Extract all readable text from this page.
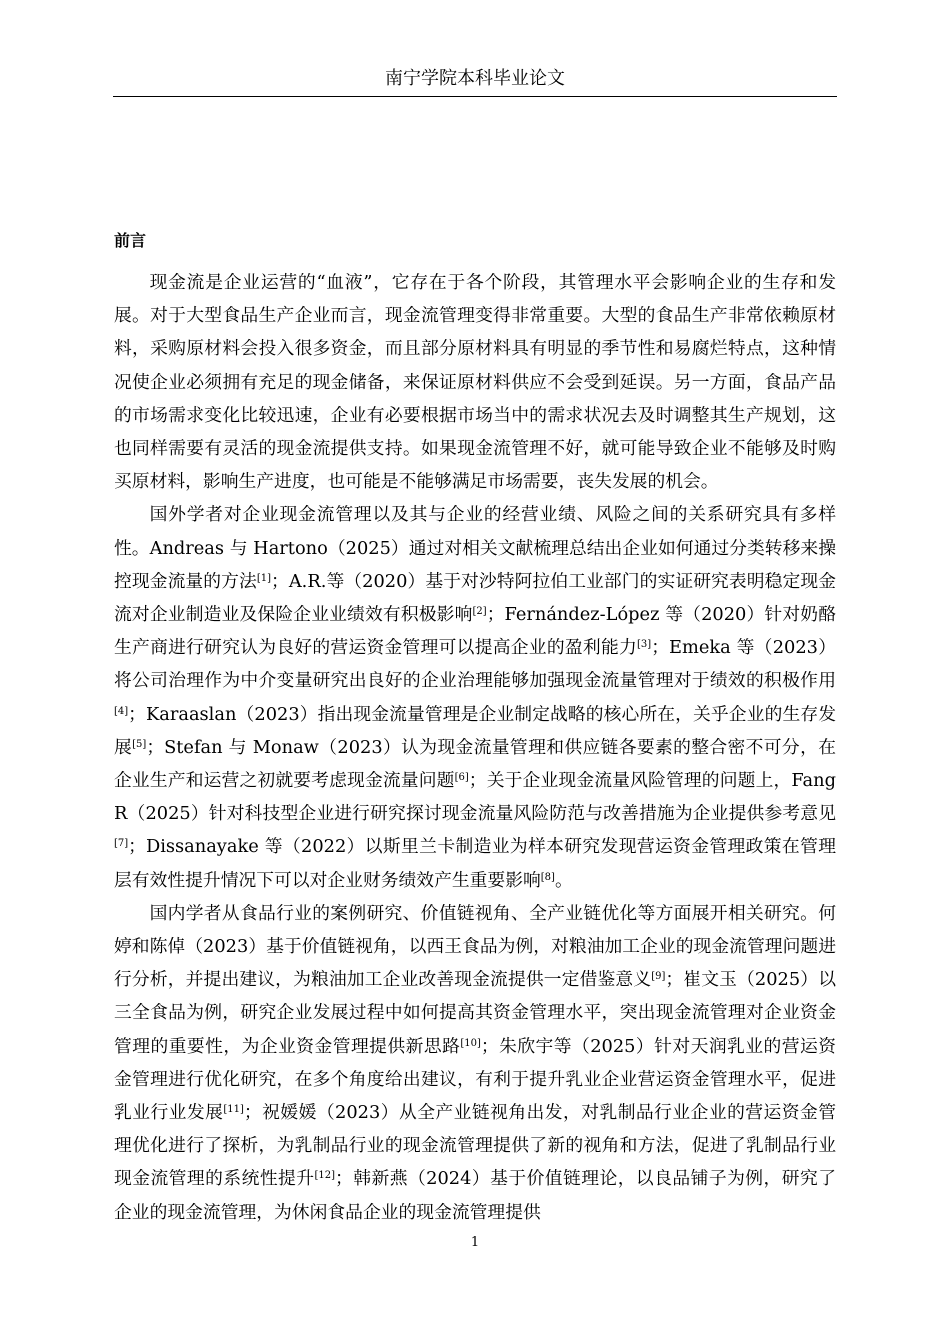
南宁学院本科毕业论文
前言

现金流是企业运营的“血液”，它存在于各个阶段，其管理水平会影响企业的生存和发展。对于大型食品生产企业而言，现金流管理变得非常重要。大型的食品生产非常依赖原材料，采购原材料会投入很多资金，而且部分原材料具有明显的季节性和易腐烂特点，这种情况使企业必须拥有充足的现金储备，来保证原材料供应不会受到延误。另一方面，食品产品的市场需求变化比较迅速，企业有必要根据市场当中的需求状况去及时调整其生产规划，这也同样需要有灵活的现金流提供支持。如果现金流管理不好，就可能导致企业不能够及时购买原材料，影响生产进度，也可能是不能够满足市场需要，丧失发展的机会。

国外学者对企业现金流管理以及其与企业的经营业绩、风险之间的关系研究具有多样性。Andreas 与 Hartono（2025）通过对相关文献梳理总结出企业如何通过分类转移来操控现金流量的方法[1]；A.R.等（2020）基于对沙特阿拉伯工业部门的实证研究表明稳定现金流对企业制造业及保险企业业绩效有积极影响[2]；Fernández-López 等（2020）针对奶酪生产商进行研究认为良好的营运资金管理可以提高企业的盈利能力[3]；Emeka 等（2023）将公司治理作为中介变量研究出良好的企业治理能够加强现金流量管理对于绩效的积极作用[4]；Karaaslan（2023）指出现金流量管理是企业制定战略的核心所在，关乎企业的生存发展[5]；Stefan 与 Monaw（2023）认为现金流量管理和供应链各要素的整合密不可分，在企业生产和运营之初就要考虑现金流量问题[6]；关于企业现金流量风险管理的问题上，Fang R（2025）针对科技型企业进行研究探讨现金流量风险防范与改善措施为企业提供参考意见[7]；Dissanayake 等（2022）以斯里兰卡制造业为样本研究发现营运资金管理政策在管理层有效性提升情况下可以对企业财务绩效产生重要影响[8]。

国内学者从食品行业的案例研究、价值链视角、全产业链优化等方面展开相关研究。何婷和陈倬（2023）基于价值链视角，以西王食品为例，对粮油加工企业的现金流管理问题进行分析，并提出建议，为粮油加工企业改善现金流提供一定借鉴意义[9]；崔文玉（2025）以三全食品为例，研究企业发展过程中如何提高其资金管理水平，突出现金流管理对企业资金管理的重要性，为企业资金管理提供新思路[10]；朱欣宇等（2025）针对天润乳业的营运资金管理进行优化研究，在多个角度给出建议，有利于提升乳业企业营运资金管理水平，促进乳业行业发展[11]；祝媛媛（2023）从全产业链视角出发，对乳制品行业企业的营运资金管理优化进行了探析，为乳制品行业的现金流管理提供了新的视角和方法，促进了乳制品行业现金流管理的系统性提升[12]；韩新燕（2024）基于价值链理论，以良品铺子为例，研究了企业的现金流管理，为休闲食品企业的现金流管理提供

1
